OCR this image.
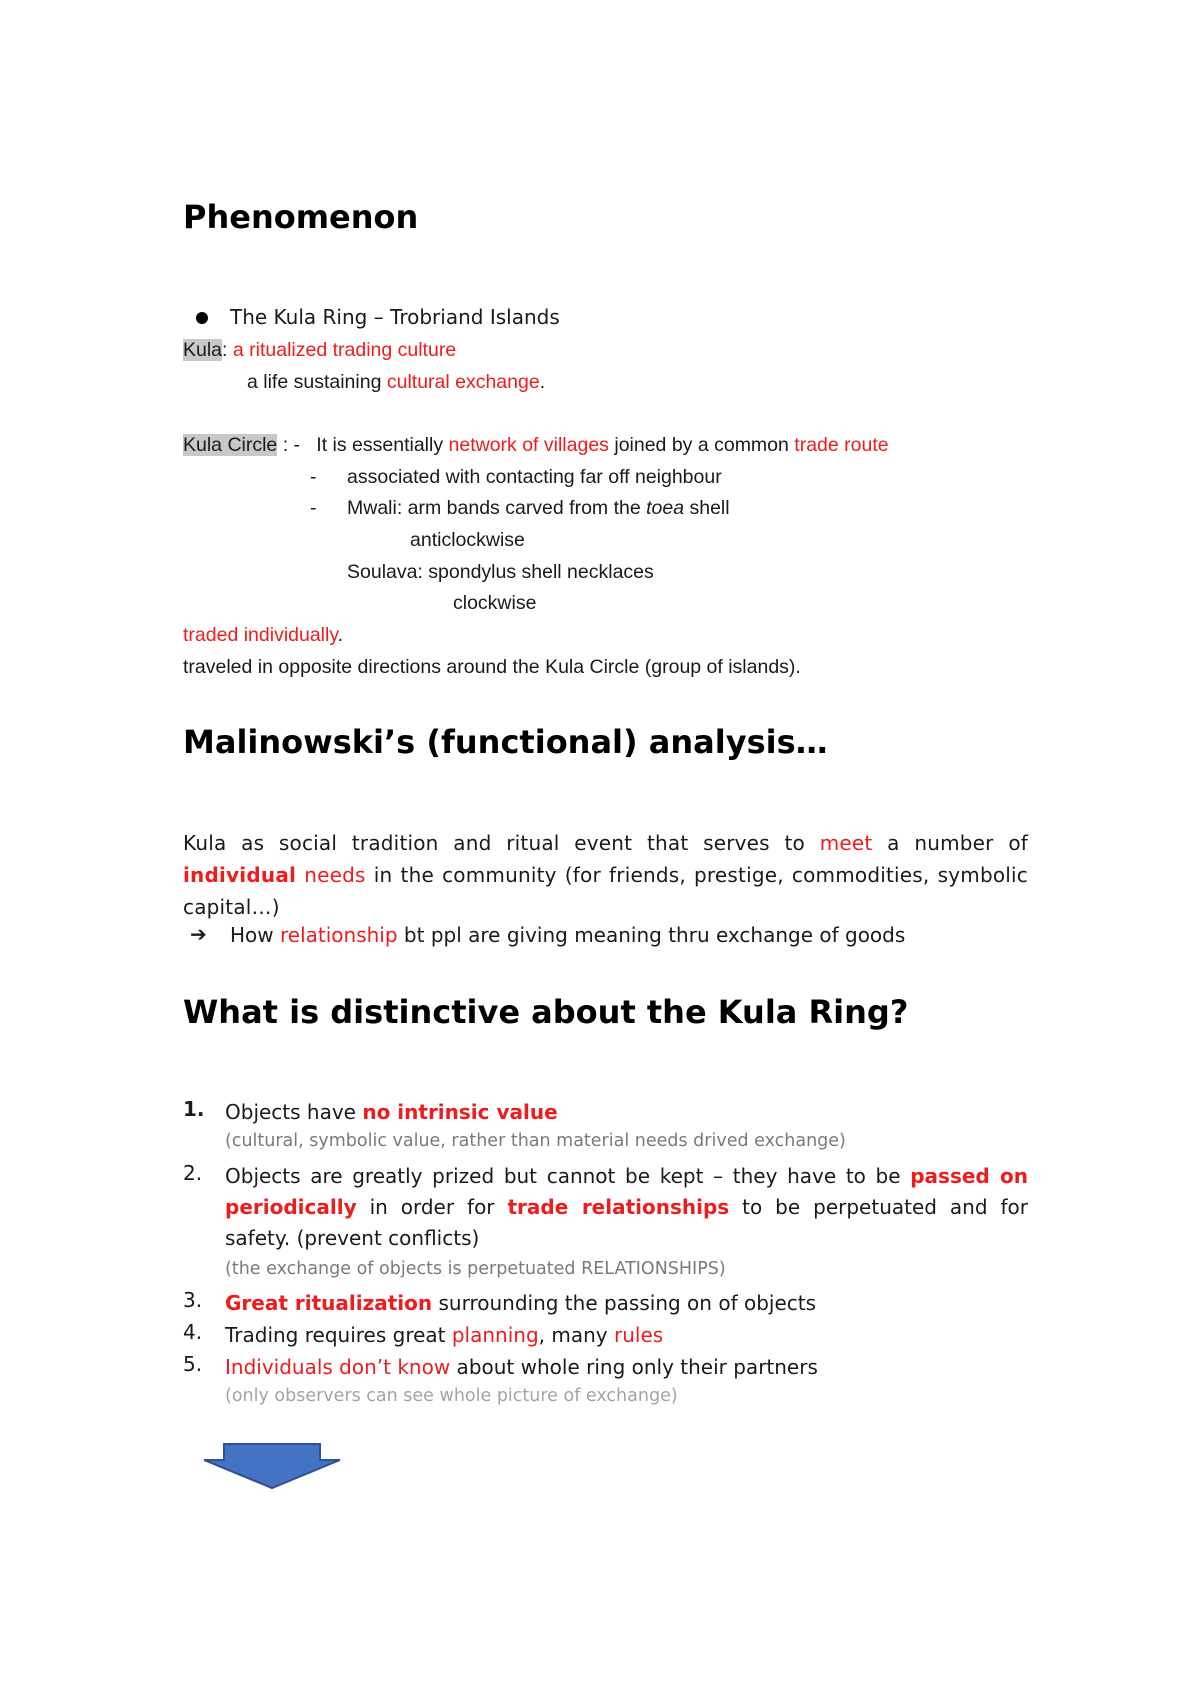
Phenomenon
The Kula Ring – Trobriand Islands
Kula: a ritualized trading culture
a life sustaining cultural exchange.
Kula Circle : -   It is essentially network of villages joined by a common trade route
- associated with contacting far off neighbour
- Mwali: arm bands carved from the toea shell
anticlockwise
Soulava: spondylus shell necklaces
clockwise
traded individually.
traveled in opposite directions around the Kula Circle (group of islands).
Malinowski’s (functional) analysis…
Kula as social tradition and ritual event that serves to meet a number of individual needs in the community (for friends, prestige, commodities, symbolic capital…)
➔ How relationship bt ppl are giving meaning thru exchange of goods
What is distinctive about the Kula Ring?
1. Objects have no intrinsic value
(cultural, symbolic value, rather than material needs drived exchange)
2. Objects are greatly prized but cannot be kept – they have to be passed on periodically in order for trade relationships to be perpetuated and for safety. (prevent conflicts)
(the exchange of objects is perpetuated RELATIONSHIPS)
3. Great ritualization surrounding the passing on of objects
4. Trading requires great planning, many rules
5. Individuals don’t know about whole ring only their partners
(only observers can see whole picture of exchange)
